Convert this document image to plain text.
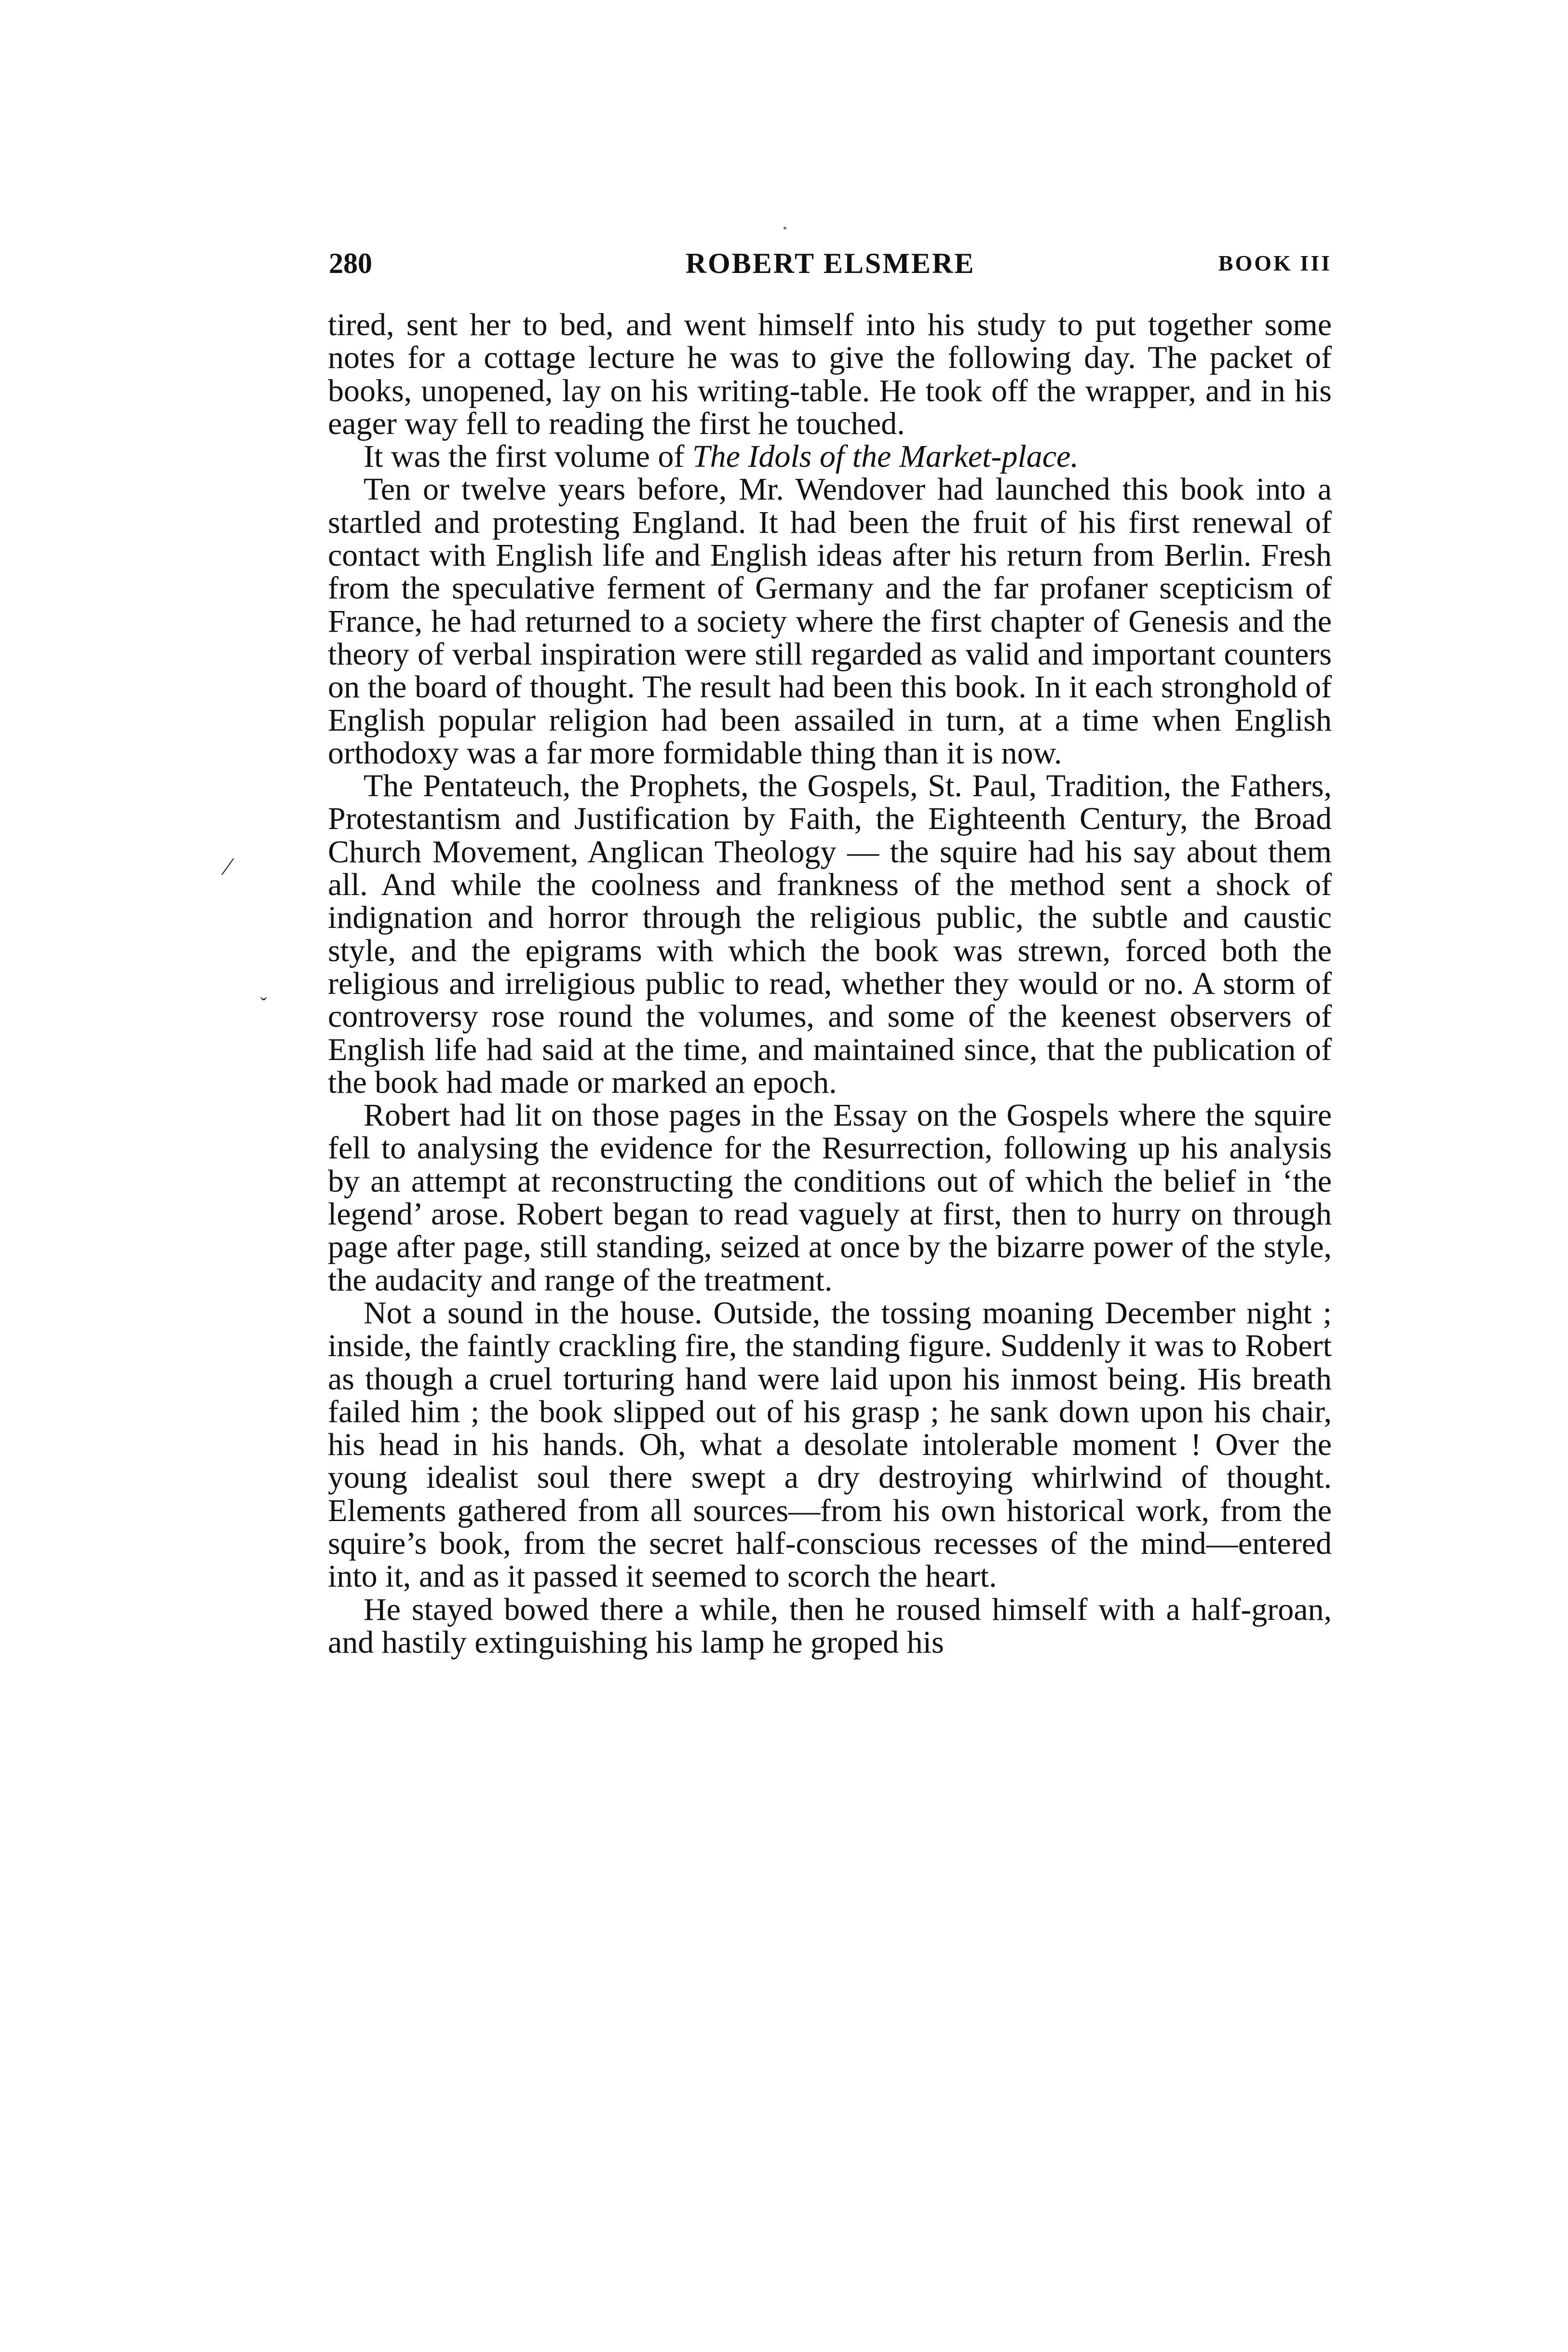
280	ROBERT ELSMERE	BOOK III
⁄
ˇ

tired, sent her to bed, and went himself into his study to put together some notes for a cottage lecture he was to give the following day. The packet of books, unopened, lay on his writing-table. He took off the wrapper, and in his eager way fell to reading the first he touched.

It was the first volume of The Idols of the Market-place.

Ten or twelve years before, Mr. Wendover had launched this book into a startled and protesting England. It had been the fruit of his first renewal of contact with English life and English ideas after his return from Berlin. Fresh from the speculative ferment of Germany and the far profaner scepticism of France, he had returned to a society where the first chapter of Genesis and the theory of verbal inspiration were still regarded as valid and important counters on the board of thought. The result had been this book. In it each stronghold of English popular religion had been assailed in turn, at a time when English orthodoxy was a far more formidable thing than it is now.

The Pentateuch, the Prophets, the Gospels, St. Paul, Tradition, the Fathers, Protestantism and Justification by Faith, the Eighteenth Century, the Broad Church Movement, Anglican Theology — the squire had his say about them all. And while the coolness and frankness of the method sent a shock of indignation and horror through the religious public, the subtle and caustic style, and the epigrams with which the book was strewn, forced both the religious and irreligious public to read, whether they would or no. A storm of controversy rose round the volumes, and some of the keenest observers of English life had said at the time, and maintained since, that the publication of the book had made or marked an epoch.

Robert had lit on those pages in the Essay on the Gospels where the squire fell to analysing the evidence for the Resurrection, following up his analysis by an attempt at reconstructing the conditions out of which the belief in ‘the legend’ arose. Robert began to read vaguely at first, then to hurry on through page after page, still standing, seized at once by the bizarre power of the style, the audacity and range of the treatment.

Not a sound in the house. Outside, the tossing moaning December night ; inside, the faintly crackling fire, the standing figure. Suddenly it was to Robert as though a cruel torturing hand were laid upon his inmost being. His breath failed him ; the book slipped out of his grasp ; he sank down upon his chair, his head in his hands. Oh, what a desolate intolerable moment ! Over the young idealist soul there swept a dry destroying whirlwind of thought. Elements gathered from all sources—from his own historical work, from the squire’s book, from the secret half-conscious recesses of the mind—entered into it, and as it passed it seemed to scorch the heart.

He stayed bowed there a while, then he roused himself with a half-groan, and hastily extinguishing his lamp he groped his
